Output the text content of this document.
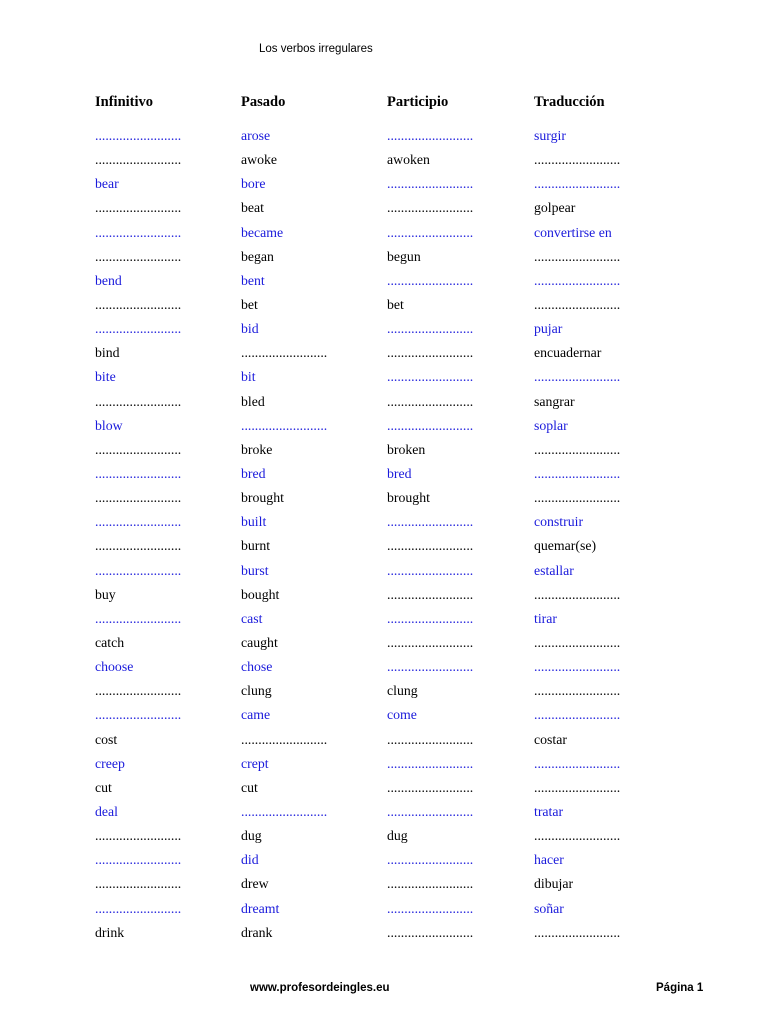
Los verbos irregulares
Infinitivo	Pasado	Participio	Traducción
.........................	arose	.........................	surgir
.........................	awoke	awoken	.........................
bear	bore	.........................	.........................
.........................	beat	.........................	golpear
.........................	became	.........................	convertirse en
.........................	began	begun	.........................
bend	bent	.........................	.........................
.........................	bet	bet	.........................
.........................	bid	.........................	pujar
bind	.........................	.........................	encuadernar
bite	bit	.........................	.........................
.........................	bled	.........................	sangrar
blow	.........................	.........................	soplar
.........................	broke	broken	.........................
.........................	bred	bred	.........................
.........................	brought	brought	.........................
.........................	built	.........................	construir
.........................	burnt	.........................	quemar(se)
.........................	burst	.........................	estallar
buy	bought	.........................	.........................
.........................	cast	.........................	tirar
catch	caught	.........................	.........................
choose	chose	.........................	.........................
.........................	clung	clung	.........................
.........................	came	come	.........................
cost	.........................	.........................	costar
creep	crept	.........................	.........................
cut	cut	.........................	.........................
deal	.........................	.........................	tratar
.........................	dug	dug	.........................
.........................	did	.........................	hacer
.........................	drew	.........................	dibujar
.........................	dreamt	.........................	soñar
drink	drank	.........................	.........................
www.profesordeingles.eu	Página 1
